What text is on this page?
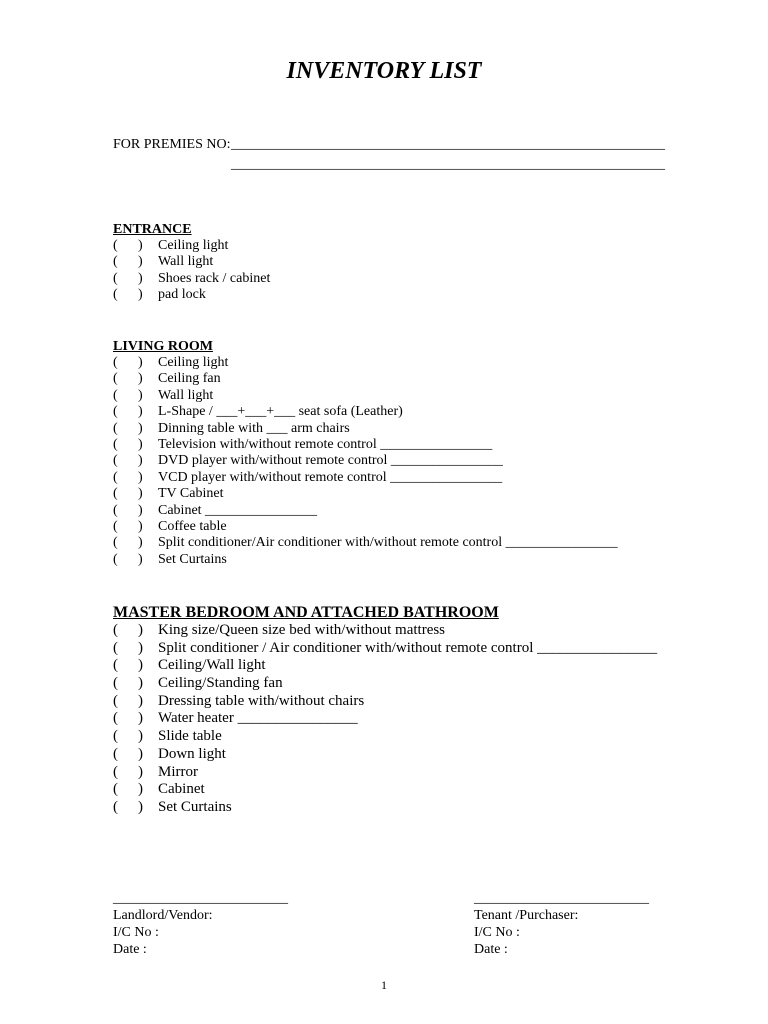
INVENTORY LIST
FOR PREMIES NO: ______________________________________________________________
______________________________________________________________
ENTRANCE
( ) Ceiling light
( ) Wall light
( ) Shoes rack / cabinet
( ) pad lock
LIVING ROOM
( ) Ceiling light
( ) Ceiling fan
( ) Wall light
( ) L-Shape / ___+___+___ seat sofa (Leather)
( ) Dinning table with ___ arm chairs
( ) Television with/without remote control ________________
( ) DVD player with/without remote control ________________
( ) VCD player with/without remote control ________________
( ) TV Cabinet
( ) Cabinet ________________
( ) Coffee table
( ) Split conditioner/Air conditioner with/without remote control ________________
( ) Set Curtains
MASTER BEDROOM AND ATTACHED BATHROOM
( ) King size/Queen size bed with/without mattress
( ) Split conditioner / Air conditioner with/without remote control ________________
( ) Ceiling/Wall light
( ) Ceiling/Standing fan
( ) Dressing table with/without chairs
( ) Water heater ________________
( ) Slide table
( ) Down light
( ) Mirror
( ) Cabinet
( ) Set Curtains
_________________________
Landlord/Vendor:
I/C No :
Date :
_________________________
Tenant /Purchaser:
I/C No :
Date :
1
